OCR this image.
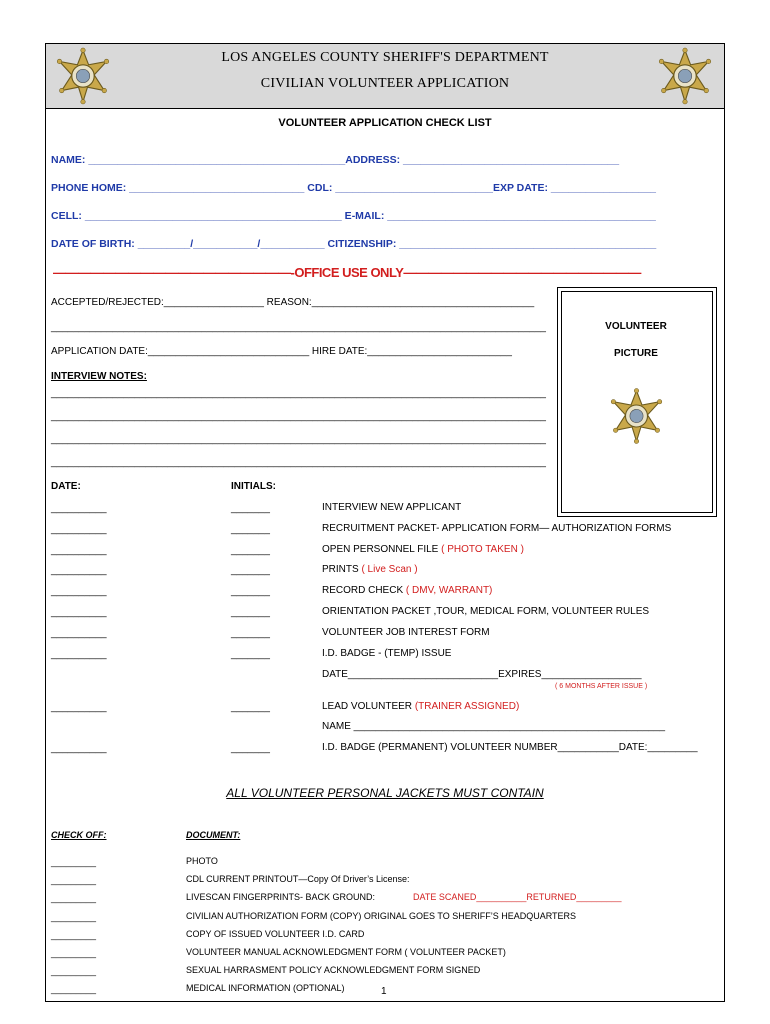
LOS ANGELES COUNTY SHERIFF'S DEPARTMENT
CIVILIAN VOLUNTEER APPLICATION
VOLUNTEER APPLICATION CHECK LIST
NAME: ____________________________________________ADDRESS: _____________________________________
PHONE HOME: ______________________________ CDL: ___________________________EXP DATE: __________________
CELL: ____________________________________________ E-MAIL: ______________________________________________
DATE OF BIRTH: _________/___________/___________ CITIZENSHIP: ____________________________________________
———————————————————-OFFICE USE ONLY———————————————————
ACCEPTED/REJECTED:__________________ REASON:________________________________________
_________________________________________________________________________________________
APPLICATION DATE:_____________________________ HIRE DATE:__________________________
INTERVIEW NOTES:
_________________________________________________________________________________________
_________________________________________________________________________________________
_________________________________________________________________________________________
_________________________________________________________________________________________
VOLUNTEER
PICTURE
DATE:	INITIALS:
__________	_______	INTERVIEW NEW APPLICANT
__________	_______	RECRUITMENT PACKET- APPLICATION FORM— AUTHORIZATION FORMS
__________	_______	OPEN PERSONNEL FILE ( PHOTO TAKEN )
__________	_______	PRINTS ( Live Scan )
__________	_______	RECORD CHECK ( DMV, WARRANT)
__________	_______	ORIENTATION PACKET ,TOUR, MEDICAL FORM, VOLUNTEER RULES
__________	_______	VOLUNTEER JOB INTEREST FORM
__________	_______	I.D. BADGE - (TEMP) ISSUE
DATE___________________________EXPIRES__________________
( 6 MONTHS AFTER ISSUE )
__________	_______	LEAD VOLUNTEER (TRAINER ASSIGNED)
NAME ________________________________________________________
__________	_______	I.D. BADGE (PERMANENT) VOLUNTEER NUMBER___________DATE:_________
ALL VOLUNTEER PERSONAL JACKETS MUST CONTAIN
CHECK OFF:	DOCUMENT:
_________	PHOTO
_________	CDL CURRENT PRINTOUT—Copy Of Driver’s License:
_________	LIVESCAN FINGERPRINTS- BACK GROUND:	DATE SCANED__________RETURNED_________
_________	CIVILIAN AUTHORIZATION FORM (COPY) ORIGINAL GOES TO SHERIFF’S HEADQUARTERS
_________	COPY OF ISSUED VOLUNTEER I.D. CARD
_________	VOLUNTEER MANUAL ACKNOWLEDGMENT FORM ( VOLUNTEER PACKET)
_________	SEXUAL HARRASMENT POLICY ACKNOWLEDGMENT FORM SIGNED
_________	MEDICAL INFORMATION (OPTIONAL)	1
